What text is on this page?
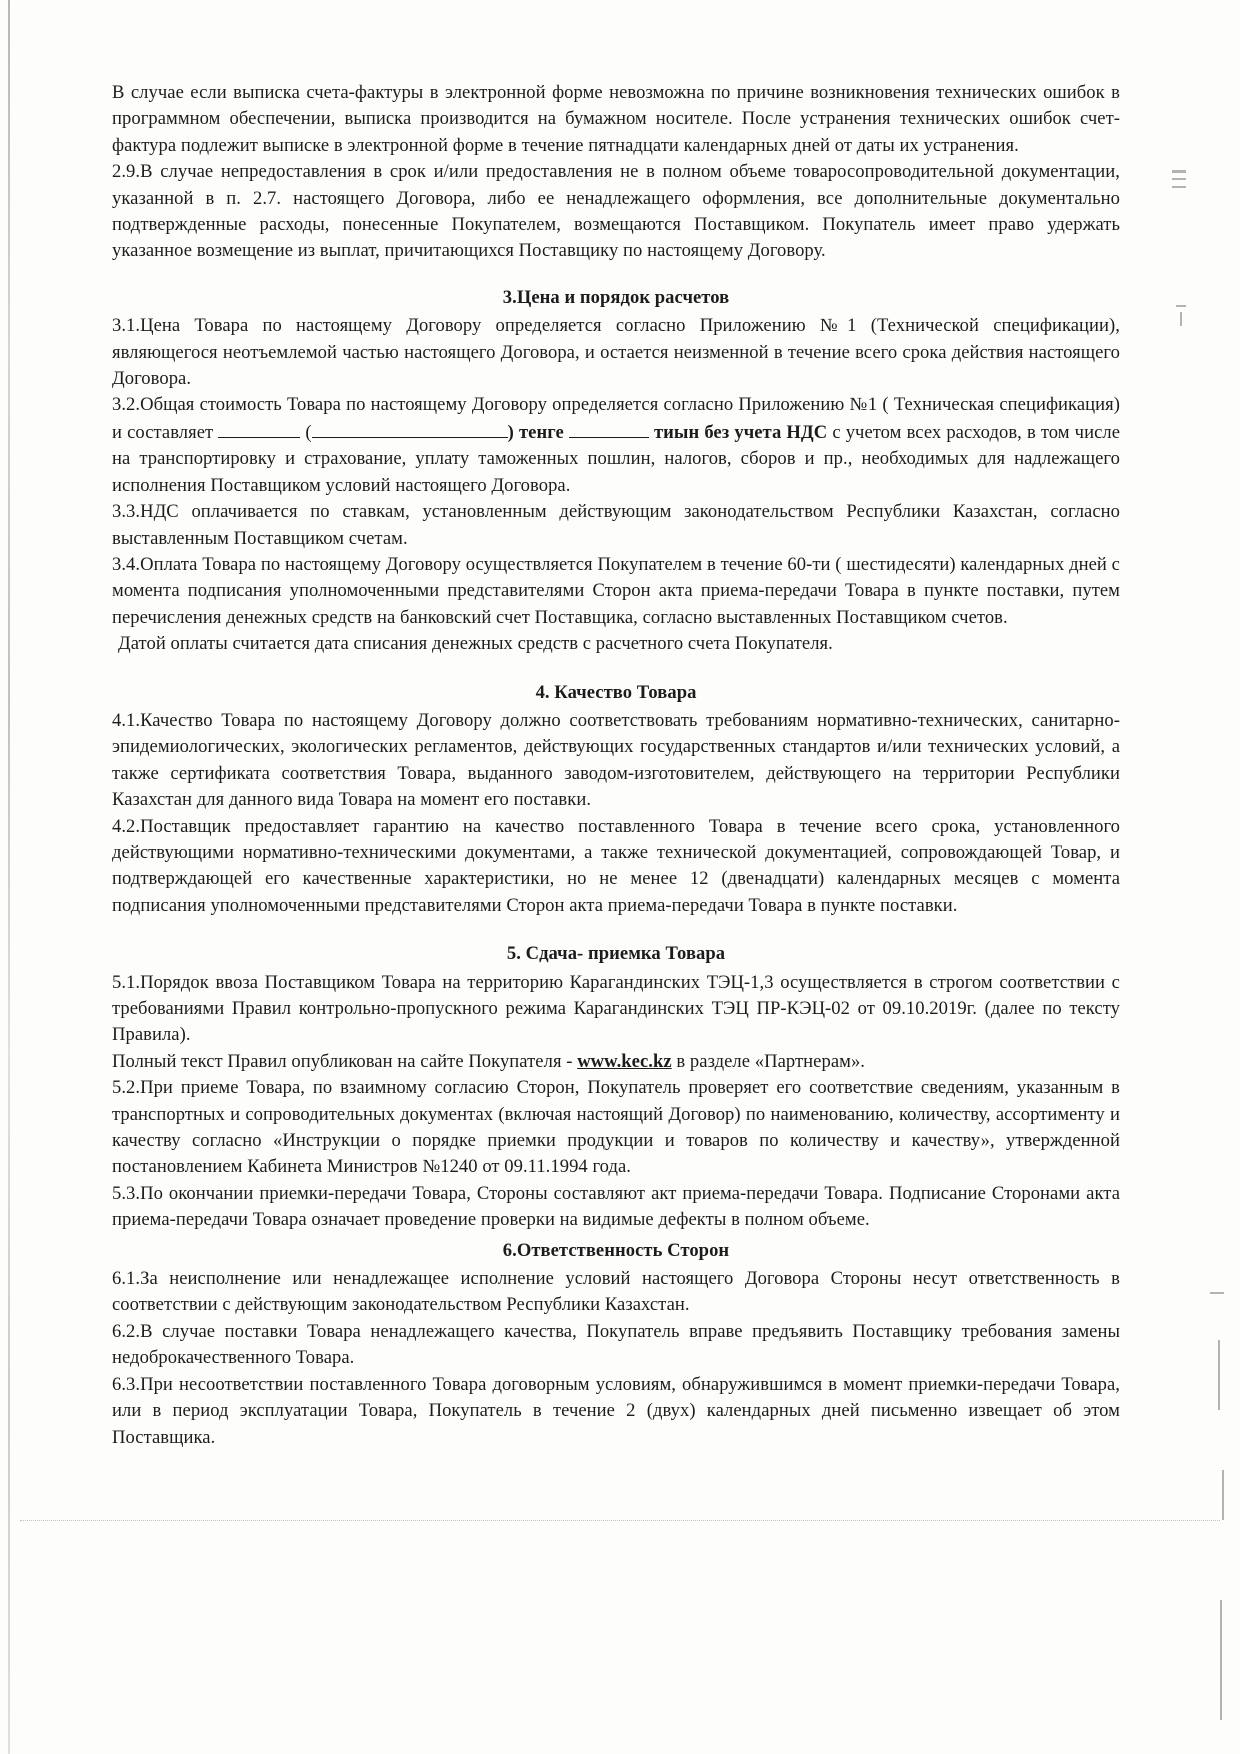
В случае если выписка счета-фактуры в электронной форме невозможна по причине возникновения технических ошибок в программном обеспечении, выписка производится на бумажном носителе. После устранения технических ошибок счет-фактура подлежит выписке в электронной форме в течение пятнадцати календарных дней от даты их устранения.

2.9.В случае непредоставления в срок и/или предоставления не в полном объеме товаросопроводительной документации, указанной в п. 2.7. настоящего Договора, либо ее ненадлежащего оформления, все дополнительные документально подтвержденные расходы, понесенные Покупателем, возмещаются Поставщиком. Покупатель имеет право удержать указанное возмещение из выплат, причитающихся Поставщику по настоящему Договору.

3.Цена и порядок расчетов

3.1.Цена Товара по настоящему Договору определяется согласно Приложению №1 (Технической спецификации), являющегося неотъемлемой частью настоящего Договора, и остается неизменной в течение всего срока действия настоящего Договора.

3.2.Общая стоимость Товара по настоящему Договору определяется согласно Приложению №1 ( Техническая спецификация) и составляет	(	) тенге	тиын без учета НДС с учетом всех расходов, в том числе на транспортировку и страхование, уплату таможенных пошлин, налогов, сборов и пр., необходимых для надлежащего исполнения Поставщиком условий настоящего Договора.

3.3.НДС оплачивается по ставкам, установленным действующим законодательством Республики Казахстан, согласно выставленным Поставщиком счетам.

3.4.Оплата Товара по настоящему Договору осуществляется Покупателем в течение 60-ти ( шестидесяти) календарных дней с момента подписания уполномоченными представителями Сторон акта приема-передачи Товара в пункте поставки, путем перечисления денежных средств на банковский счет Поставщика, согласно выставленных Поставщиком счетов.

Датой оплаты считается дата списания денежных средств с расчетного счета Покупателя.

4. Качество Товара

4.1.Качество Товара по настоящему Договору должно соответствовать требованиям нормативно-технических, санитарно-эпидемиологических, экологических регламентов, действующих государственных стандартов и/или технических условий, а также сертификата соответствия Товара, выданного заводом-изготовителем, действующего на территории Республики Казахстан для данного вида Товара на момент его поставки.

4.2.Поставщик предоставляет гарантию на качество поставленного Товара в течение всего срока, установленного действующими нормативно-техническими документами, а также технической документацией, сопровождающей Товар, и подтверждающей его качественные характеристики, но не менее 12 (двенадцати) календарных месяцев с момента подписания уполномоченными представителями Сторон акта приема-передачи Товара в пункте поставки.

5. Сдача- приемка Товара

5.1.Порядок ввоза Поставщиком Товара на территорию Карагандинских ТЭЦ-1,3 осуществляется в строгом соответствии с требованиями Правил контрольно-пропускного режима Карагандинских ТЭЦ ПР-КЭЦ-02 от 09.10.2019г. (далее по тексту Правила).

Полный текст Правил опубликован на сайте Покупателя - www.kec.kz в разделе «Партнерам».

5.2.При приеме Товара, по взаимному согласию Сторон, Покупатель проверяет его соответствие сведениям, указанным в транспортных и сопроводительных документах (включая настоящий Договор) по наименованию, количеству, ассортименту и качеству согласно «Инструкции о порядке приемки продукции и товаров по количеству и качеству», утвержденной постановлением Кабинета Министров №1240 от 09.11.1994 года.

5.3.По окончании приемки-передачи Товара, Стороны составляют акт приема-передачи Товара. Подписание Сторонами акта приема-передачи Товара означает проведение проверки на видимые дефекты в полном объеме.

6.Ответственность Сторон

6.1.За неисполнение или ненадлежащее исполнение условий настоящего Договора Стороны несут ответственность в соответствии с действующим законодательством Республики Казахстан.

6.2.В случае поставки Товара ненадлежащего качества, Покупатель вправе предъявить Поставщику требования замены недоброкачественного Товара.

6.3.При несоответствии поставленного Товара договорным условиям, обнаружившимся в момент приемки-передачи Товара, или в период эксплуатации Товара, Покупатель в течение 2 (двух) календарных дней письменно извещает об этом Поставщика.
